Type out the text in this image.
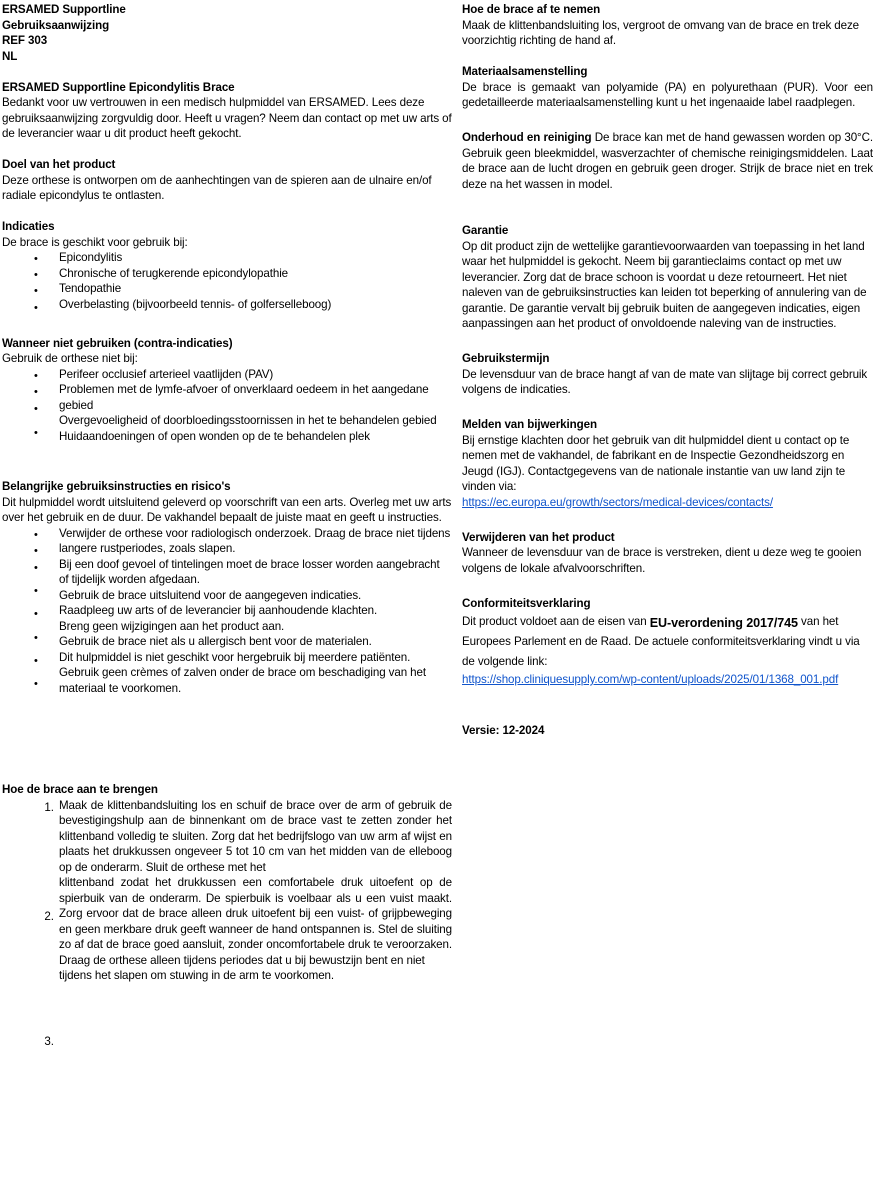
ERSAMED Supportline
Gebruiksaanwijzing
REF 303
NL
ERSAMED Supportline Epicondylitis Brace
Bedankt voor uw vertrouwen in een medisch hulpmiddel van ERSAMED. Lees deze gebruiksaanwijzing zorgvuldig door. Heeft u vragen? Neem dan contact op met uw arts of de leverancier waar u dit product heeft gekocht.
Doel van het product
Deze orthese is ontworpen om de aanhechtingen van de spieren aan de ulnaire en/of radiale epicondylus te ontlasten.
Indicaties
De brace is geschikt voor gebruik bij:
•
•
•
•
Epicondylitis
Chronische of terugkerende epicondylopathie
Tendopathie
Overbelasting (bijvoorbeeld tennis- of golferselleboog)
Wanneer niet gebruiken (contra-indicaties)
Gebruik de orthese niet bij:
•
•
•
•
Perifeer occlusief arterieel vaatlijden (PAV)
Problemen met de lymfe-afvoer of onverklaard oedeem in het aangedane gebied
Overgevoeligheid of doorbloedingsstoornissen in het te behandelen gebied
Huidaandoeningen of open wonden op de te behandelen plek
Belangrijke gebruiksinstructies en risico's
Dit hulpmiddel wordt uitsluitend geleverd op voorschrift van een arts. Overleg met uw arts over het gebruik en de duur. De vakhandel bepaalt de juiste maat en geeft u instructies.
•
•
•
•
•
•
•
•
Verwijder de orthese voor radiologisch onderzoek. Draag de brace niet tijdens langere rustperiodes, zoals slapen.
Bij een doof gevoel of tintelingen moet de brace losser worden aangebracht of tijdelijk worden afgedaan.
Gebruik de brace uitsluitend voor de aangegeven indicaties.
Raadpleeg uw arts of de leverancier bij aanhoudende klachten.
Breng geen wijzigingen aan het product aan.
Gebruik de brace niet als u allergisch bent voor de materialen.
Dit hulpmiddel is niet geschikt voor hergebruik bij meerdere patiënten.
Gebruik geen crèmes of zalven onder de brace om beschadiging van het materiaal te voorkomen.
Hoe de brace aan te brengen
1.
2.
3.
Maak de klittenbandsluiting los en schuif de brace over de arm of gebruik de bevestigingshulp aan de binnenkant om de brace vast te zetten zonder het klittenband volledig te sluiten. Zorg dat het bedrijfslogo van uw arm af wijst en plaats het drukkussen ongeveer 5 tot 10 cm van het midden van de elleboog op de onderarm. Sluit de orthese met het
klittenband zodat het drukkussen een comfortabele druk uitoefent op de spierbuik van de onderarm. De spierbuik is voelbaar als u een vuist maakt. Zorg ervoor dat de brace alleen druk uitoefent bij een vuist- of grijpbeweging en geen merkbare druk geeft wanneer de hand ontspannen is. Stel de sluiting zo af dat de brace goed aansluit, zonder oncomfortabele druk te veroorzaken. Draag de orthese alleen tijdens periodes dat u bij bewustzijn bent en niet
tijdens het slapen om stuwing in de arm te voorkomen.
Hoe de brace af te nemen
Maak de klittenbandsluiting los, vergroot de omvang van de brace en trek deze voorzichtig richting de hand af.
Materiaalsamenstelling
De brace is gemaakt van polyamide (PA) en polyurethaan (PUR). Voor een gedetailleerde materiaalsamenstelling kunt u het ingenaaide label raadplegen.
Onderhoud en reiniging De brace kan met de hand gewassen worden op 30°C. Gebruik geen bleekmiddel, wasverzachter of chemische reinigingsmiddelen. Laat de brace aan de lucht drogen en gebruik geen droger. Strijk de brace niet en trek deze na het wassen in model.
Garantie
Op dit product zijn de wettelijke garantievoorwaarden van toepassing in het land waar het hulpmiddel is gekocht. Neem bij garantieclaims contact op met uw leverancier. Zorg dat de brace schoon is voordat u deze retourneert. Het niet naleven van de gebruiksinstructies kan leiden tot beperking of annulering van de garantie. De garantie vervalt bij gebruik buiten de aangegeven indicaties, eigen aanpassingen aan het product of onvoldoende naleving van de instructies.
Gebruikstermijn
De levensduur van de brace hangt af van de mate van slijtage bij correct gebruik volgens de indicaties.
Melden van bijwerkingen
Bij ernstige klachten door het gebruik van dit hulpmiddel dient u contact op te nemen met de vakhandel, de fabrikant en de Inspectie Gezondheidszorg en Jeugd (IGJ). Contactgegevens van de nationale instantie van uw land zijn te vinden via:
https://ec.europa.eu/growth/sectors/medical-devices/contacts/
Verwijderen van het product
Wanneer de levensduur van de brace is verstreken, dient u deze weg te gooien volgens de lokale afvalvoorschriften.
Conformiteitsverklaring
Dit product voldoet aan de eisen van EU-verordening 2017/745 van het Europees Parlement en de Raad. De actuele conformiteitsverklaring vindt u via de volgende link:
https://shop.cliniquesupply.com/wp-content/uploads/2025/01/1368_001.pdf
Versie: 12-2024
